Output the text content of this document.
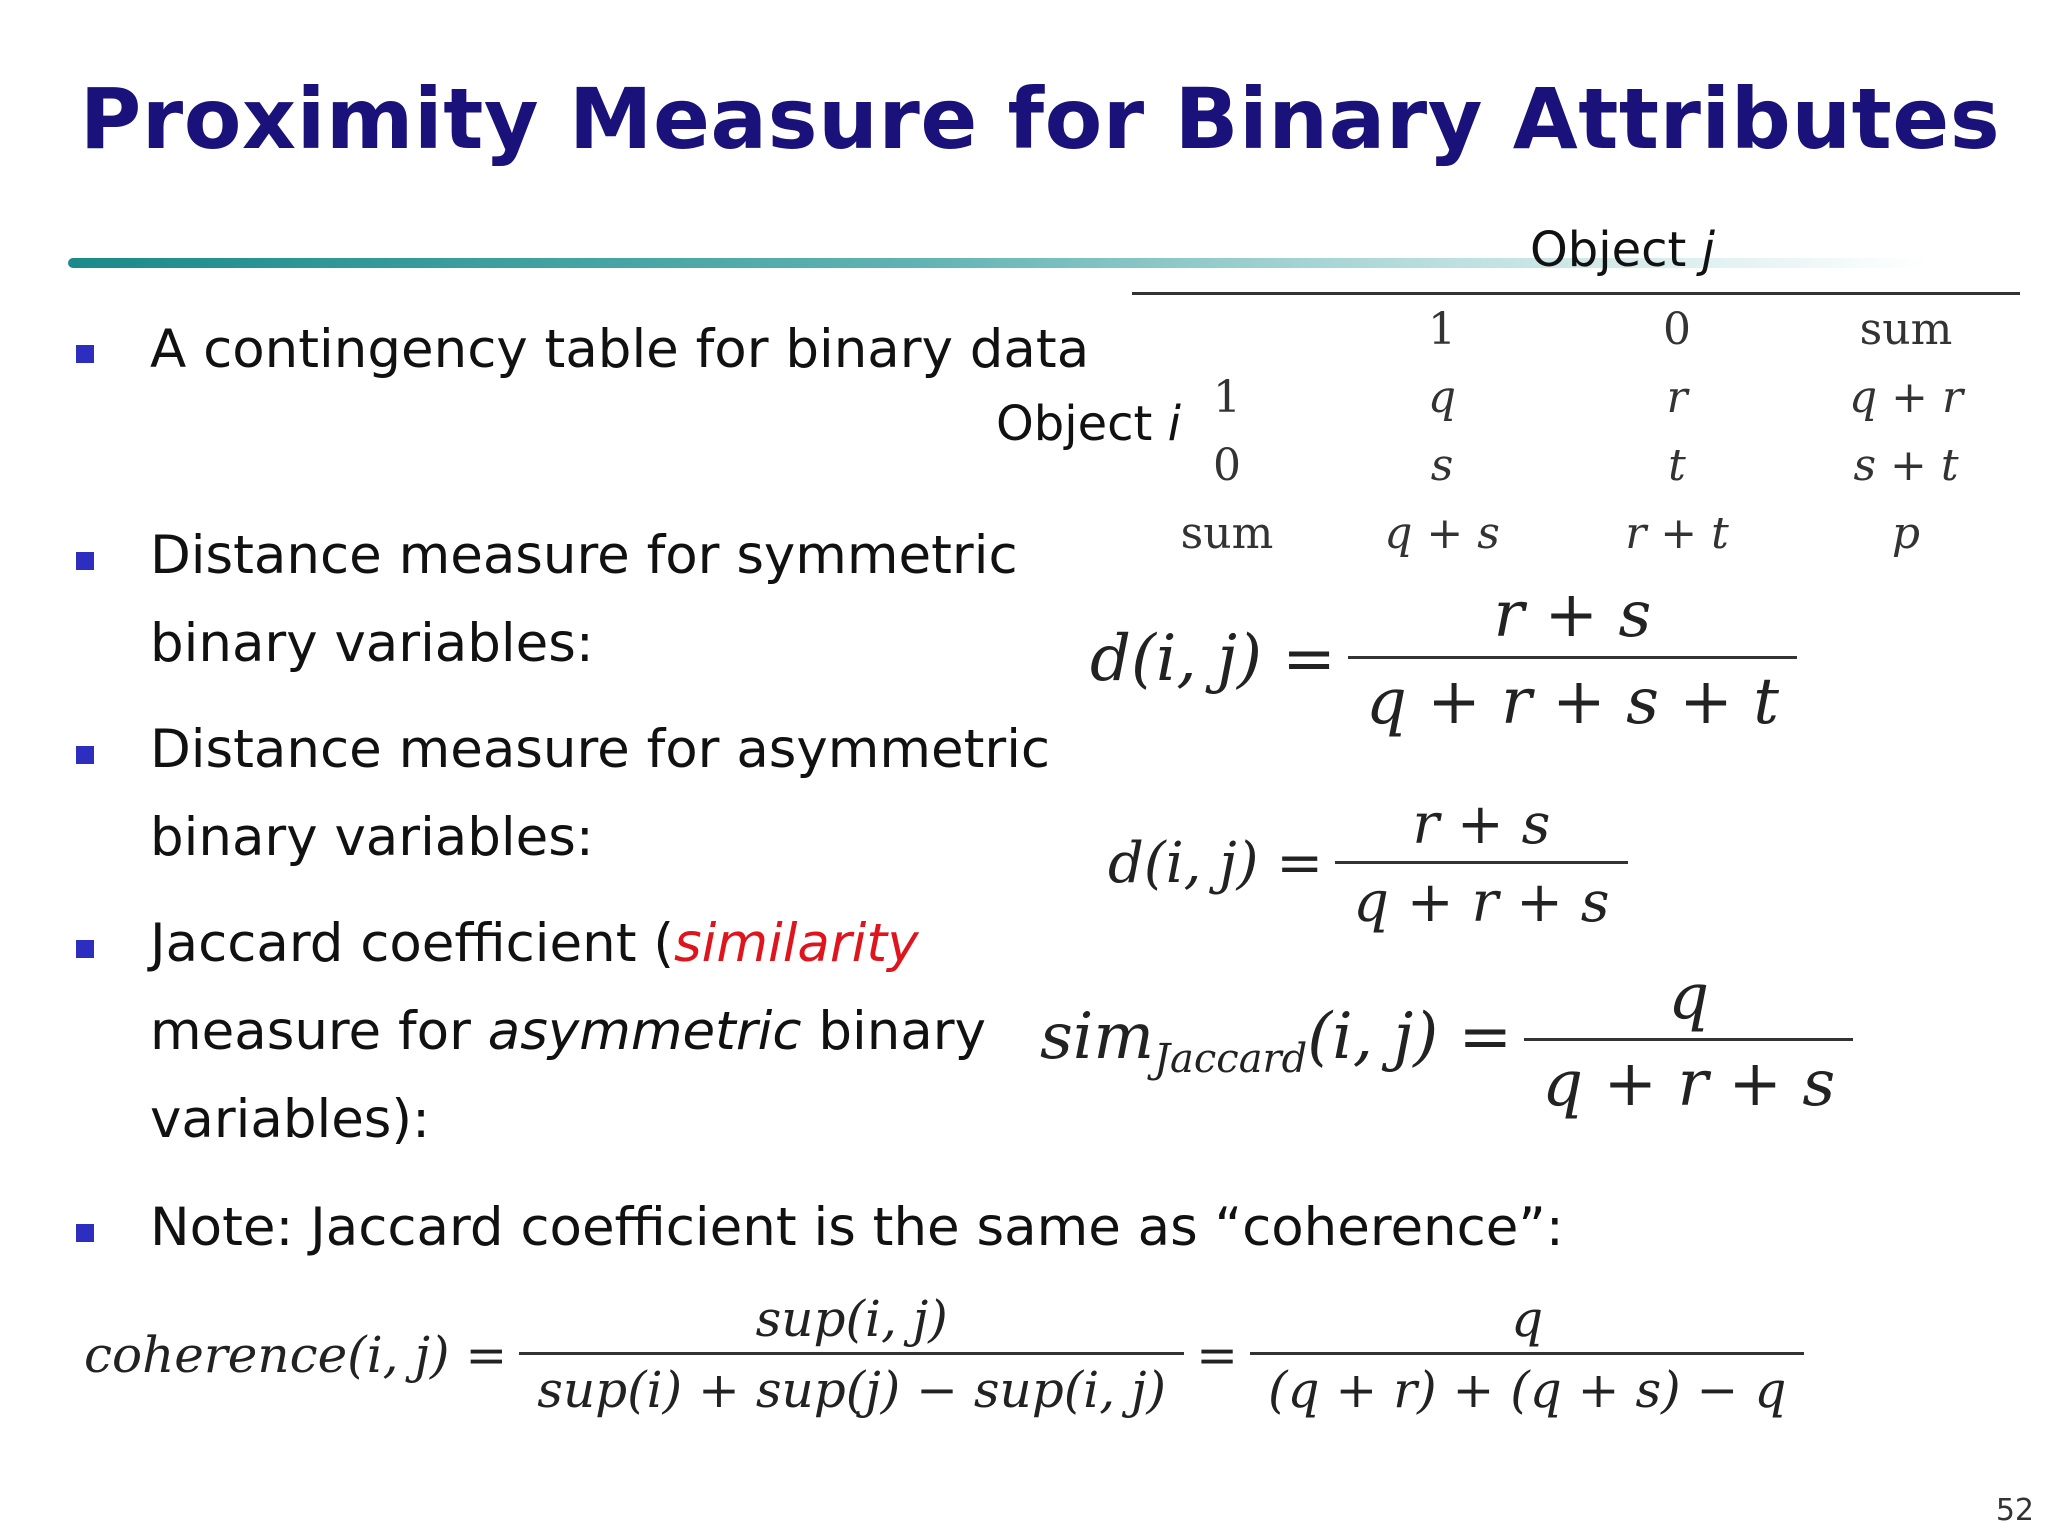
Proximity Measure for Binary Attributes
A contingency table for binary data
Object j
Object i
	1	0	sum
1	q	r	q + r
0	s	t	s + t
sum	q + s	r + t	p
Distance measure for symmetric
binary variables:	d(i, $j) = \frac{r + s}{q + r + s + t}$
Distance measure for asymmetric
binary variables:	d(i, $j) = \frac{r + s}{q + r + s}$
Jaccard coefficient (similarity
measure for asymmetric binary
variables):
sim$_{Jaccard}$(i, $j) = \frac{q}{q + r + s}$
Note: Jaccard coefficient is the same as “coherence”:
coherence(i, $j) = \frac{\text{sup(i, j)}}{\text{sup(i) + sup(j) − sup(i, j)}} = \frac{q}{(q + r) + (q + s) - q}$
52
